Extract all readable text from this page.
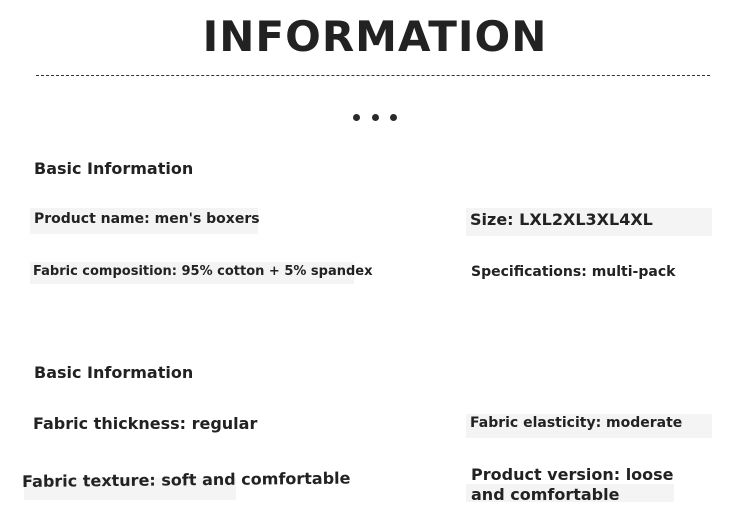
INFORMATION
Basic Information
Product name: men's boxers	Size: LXL2XL3XL4XL
Fabric composition: 95% cotton + 5% spandex	Specifications: multi-pack
Basic Information
Fabric thickness: regular	Fabric elasticity: moderate
Fabric texture: soft and comfortable	Product version: loose and comfortable
